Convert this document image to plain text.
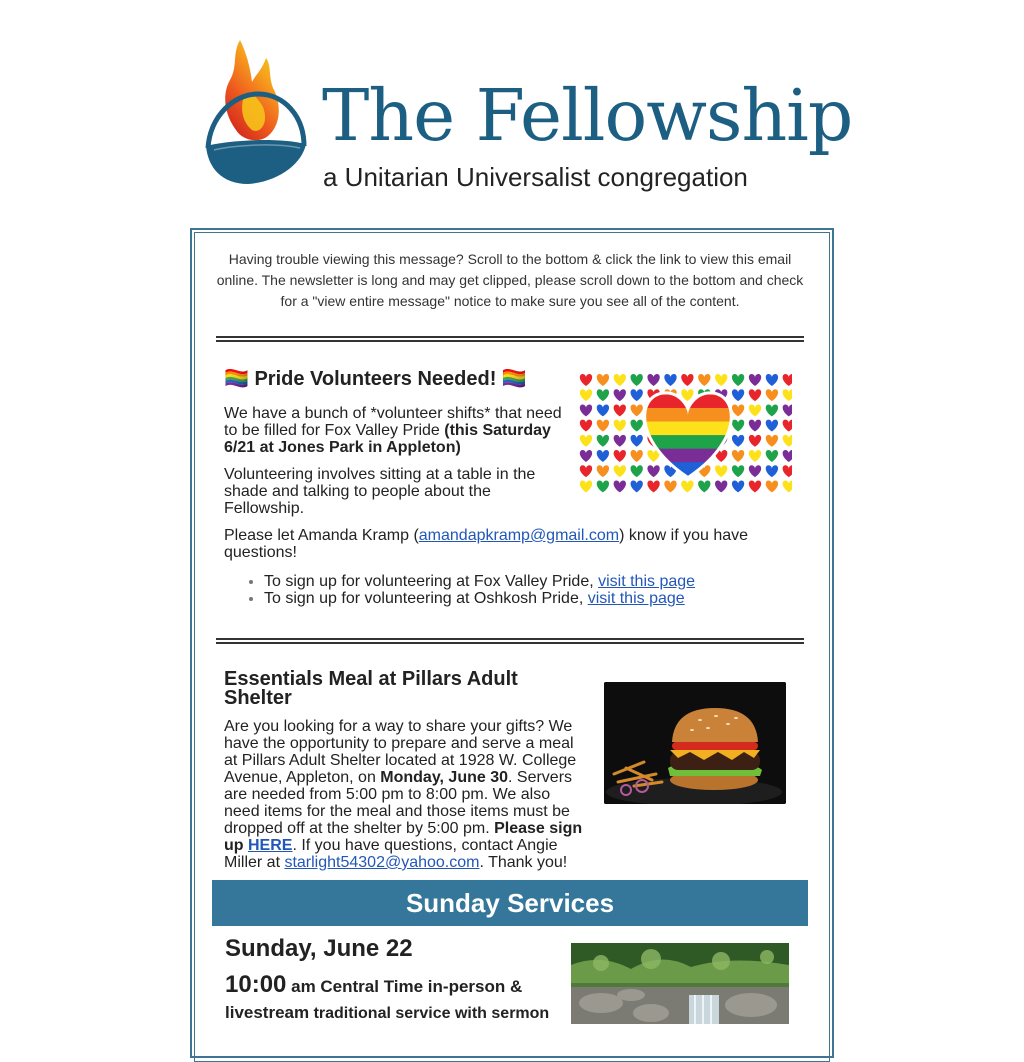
The Fellowship
a Unitarian Universalist congregation
Having trouble viewing this message? Scroll to the bottom & click the link to view this email online. The newsletter is long and may get clipped, please scroll down to the bottom and check for a "view entire message" notice to make sure you see all of the content.
🏳️‍🌈 Pride Volunteers Needed! 🏳️‍🌈
We have a bunch of *volunteer shifts* that need to be filled for Fox Valley Pride (this Saturday 6/21 at Jones Park in Appleton)
Volunteering involves sitting at a table in the shade and talking to people about the Fellowship.
Please let Amanda Kramp (amandapkramp@gmail.com) know if you have questions!
• To sign up for volunteering at Fox Valley Pride, visit this page
• To sign up for volunteering at Oshkosh Pride, visit this page
Essentials Meal at Pillars Adult Shelter
Are you looking for a way to share your gifts? We have the opportunity to prepare and serve a meal at Pillars Adult Shelter located at 1928 W. College Avenue, Appleton, on Monday, June 30. Servers are needed from 5:00 pm to 8:00 pm. We also need items for the meal and those items must be dropped off at the shelter by 5:00 pm. Please sign up HERE. If you have questions, contact Angie Miller at starlight54302@yahoo.com. Thank you!
Sunday Services
Sunday, June 22
10:00 am Central Time in-person & livestream traditional service with sermon
